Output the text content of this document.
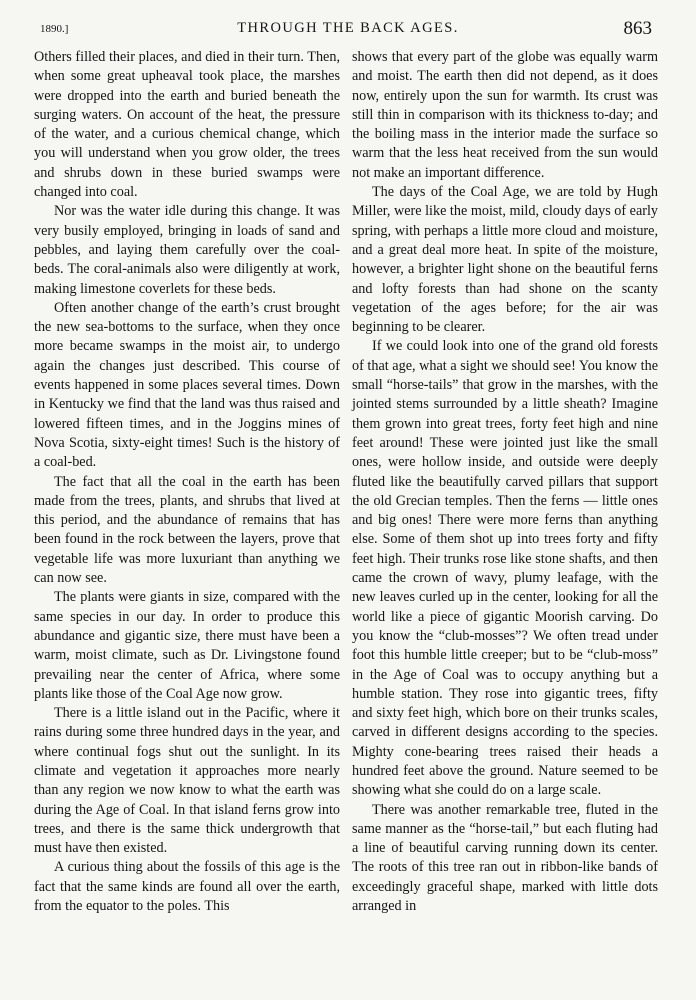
1890.]	THROUGH THE BACK AGES.	863

Others filled their places, and died in their turn. Then, when some great upheaval took place, the marshes were dropped into the earth and buried beneath the surging waters. On account of the heat, the pressure of the water, and a curious chemical change, which you will understand when you grow older, the trees and shrubs down in these buried swamps were changed into coal.

Nor was the water idle during this change. It was very busily employed, bringing in loads of sand and pebbles, and laying them carefully over the coal-beds. The coral-animals also were diligently at work, making limestone coverlets for these beds.

Often another change of the earth’s crust brought the new sea-bottoms to the surface, when they once more became swamps in the moist air, to undergo again the changes just described. This course of events happened in some places several times. Down in Kentucky we find that the land was thus raised and lowered fifteen times, and in the Joggins mines of Nova Scotia, sixty-eight times! Such is the history of a coal-bed.

The fact that all the coal in the earth has been made from the trees, plants, and shrubs that lived at this period, and the abundance of remains that has been found in the rock between the layers, prove that vegetable life was more luxuriant than anything we can now see.

The plants were giants in size, compared with the same species in our day. In order to produce this abundance and gigantic size, there must have been a warm, moist climate, such as Dr. Livingstone found prevailing near the center of Africa, where some plants like those of the Coal Age now grow.

There is a little island out in the Pacific, where it rains during some three hundred days in the year, and where continual fogs shut out the sunlight. In its climate and vegetation it approaches more nearly than any region we now know to what the earth was during the Age of Coal. In that island ferns grow into trees, and there is the same thick undergrowth that must have then existed.

A curious thing about the fossils of this age is the fact that the same kinds are found all over the earth, from the equator to the poles. This

shows that every part of the globe was equally warm and moist. The earth then did not depend, as it does now, entirely upon the sun for warmth. Its crust was still thin in comparison with its thickness to-day; and the boiling mass in the interior made the surface so warm that the less heat received from the sun would not make an important difference.

The days of the Coal Age, we are told by Hugh Miller, were like the moist, mild, cloudy days of early spring, with perhaps a little more cloud and moisture, and a great deal more heat. In spite of the moisture, however, a brighter light shone on the beautiful ferns and lofty forests than had shone on the scanty vegetation of the ages before; for the air was beginning to be clearer.

If we could look into one of the grand old forests of that age, what a sight we should see! You know the small “horse-tails” that grow in the marshes, with the jointed stems surrounded by a little sheath? Imagine them grown into great trees, forty feet high and nine feet around! These were jointed just like the small ones, were hollow inside, and outside were deeply fluted like the beautifully carved pillars that support the old Grecian temples. Then the ferns — little ones and big ones! There were more ferns than anything else. Some of them shot up into trees forty and fifty feet high. Their trunks rose like stone shafts, and then came the crown of wavy, plumy leafage, with the new leaves curled up in the center, looking for all the world like a piece of gigantic Moorish carving. Do you know the “club-mosses”? We often tread under foot this humble little creeper; but to be “club-moss” in the Age of Coal was to occupy anything but a humble station. They rose into gigantic trees, fifty and sixty feet high, which bore on their trunks scales, carved in different designs according to the species. Mighty cone-bearing trees raised their heads a hundred feet above the ground. Nature seemed to be showing what she could do on a large scale.

There was another remarkable tree, fluted in the same manner as the “horse-tail,” but each fluting had a line of beautiful carving running down its center. The roots of this tree ran out in ribbon-like bands of exceedingly graceful shape, marked with little dots arranged in
